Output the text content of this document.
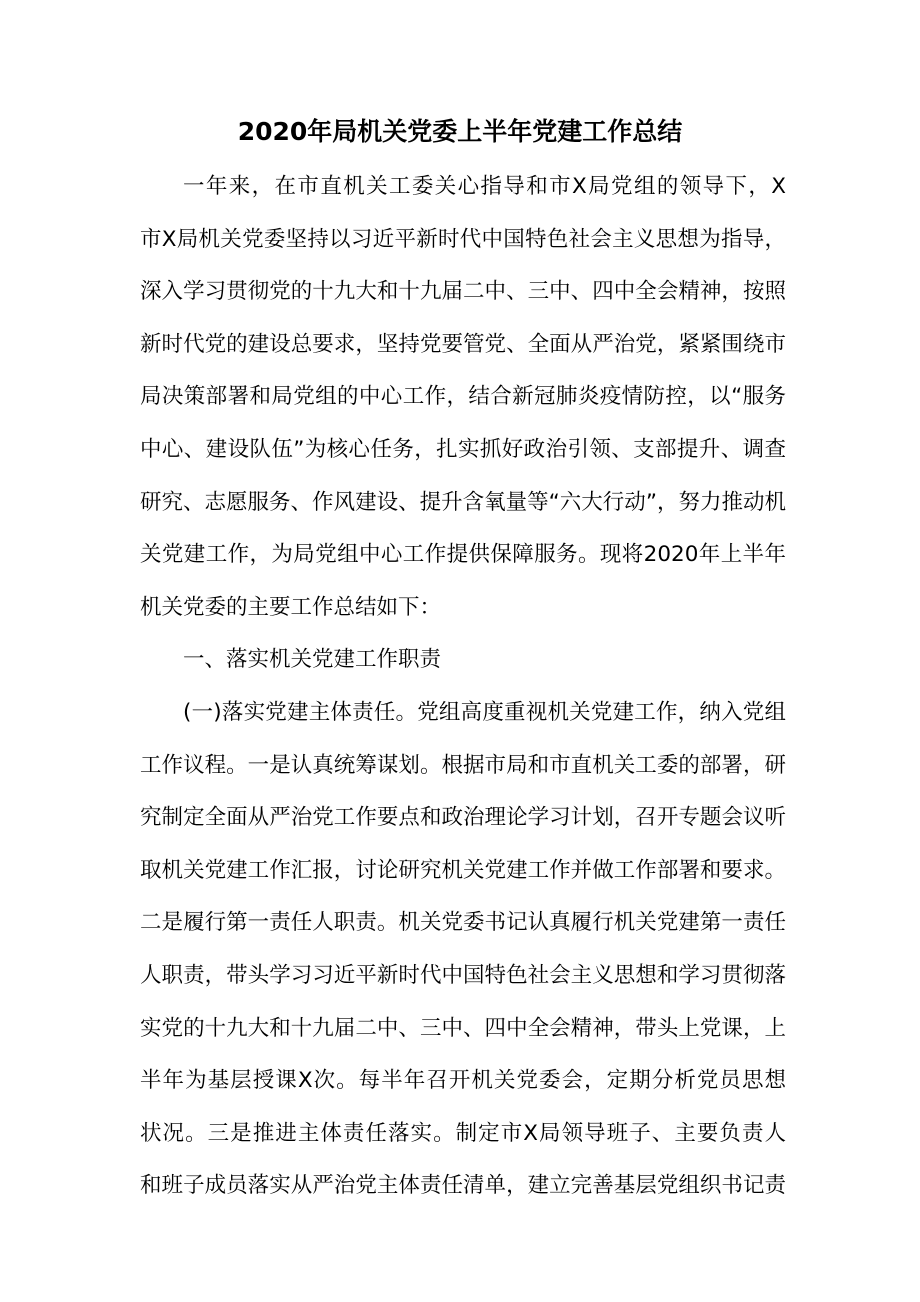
2020年局机关党委上半年党建工作总结
一年来，在市直机关工委关心指导和市X局党组的领导下，X
市X局机关党委坚持以习近平新时代中国特色社会主义思想为指导，
深入学习贯彻党的十九大和十九届二中、三中、四中全会精神，按照
新时代党的建设总要求，坚持党要管党、全面从严治党，紧紧围绕市
局决策部署和局党组的中心工作，结合新冠肺炎疫情防控，以“服务
中心、建设队伍”为核心任务，扎实抓好政治引领、支部提升、调查
研究、志愿服务、作风建设、提升含氧量等“六大行动”，努力推动机
关党建工作，为局党组中心工作提供保障服务。现将2020年上半年
机关党委的主要工作总结如下：
一、落实机关党建工作职责
(一)落实党建主体责任。党组高度重视机关党建工作，纳入党组
工作议程。一是认真统筹谋划。根据市局和市直机关工委的部署，研
究制定全面从严治党工作要点和政治理论学习计划，召开专题会议听
取机关党建工作汇报，讨论研究机关党建工作并做工作部署和要求。
二是履行第一责任人职责。机关党委书记认真履行机关党建第一责任
人职责，带头学习习近平新时代中国特色社会主义思想和学习贯彻落
实党的十九大和十九届二中、三中、四中全会精神，带头上党课，上
半年为基层授课X次。每半年召开机关党委会，定期分析党员思想
状况。三是推进主体责任落实。制定市X局领导班子、主要负责人
和班子成员落实从严治党主体责任清单，建立完善基层党组织书记责
